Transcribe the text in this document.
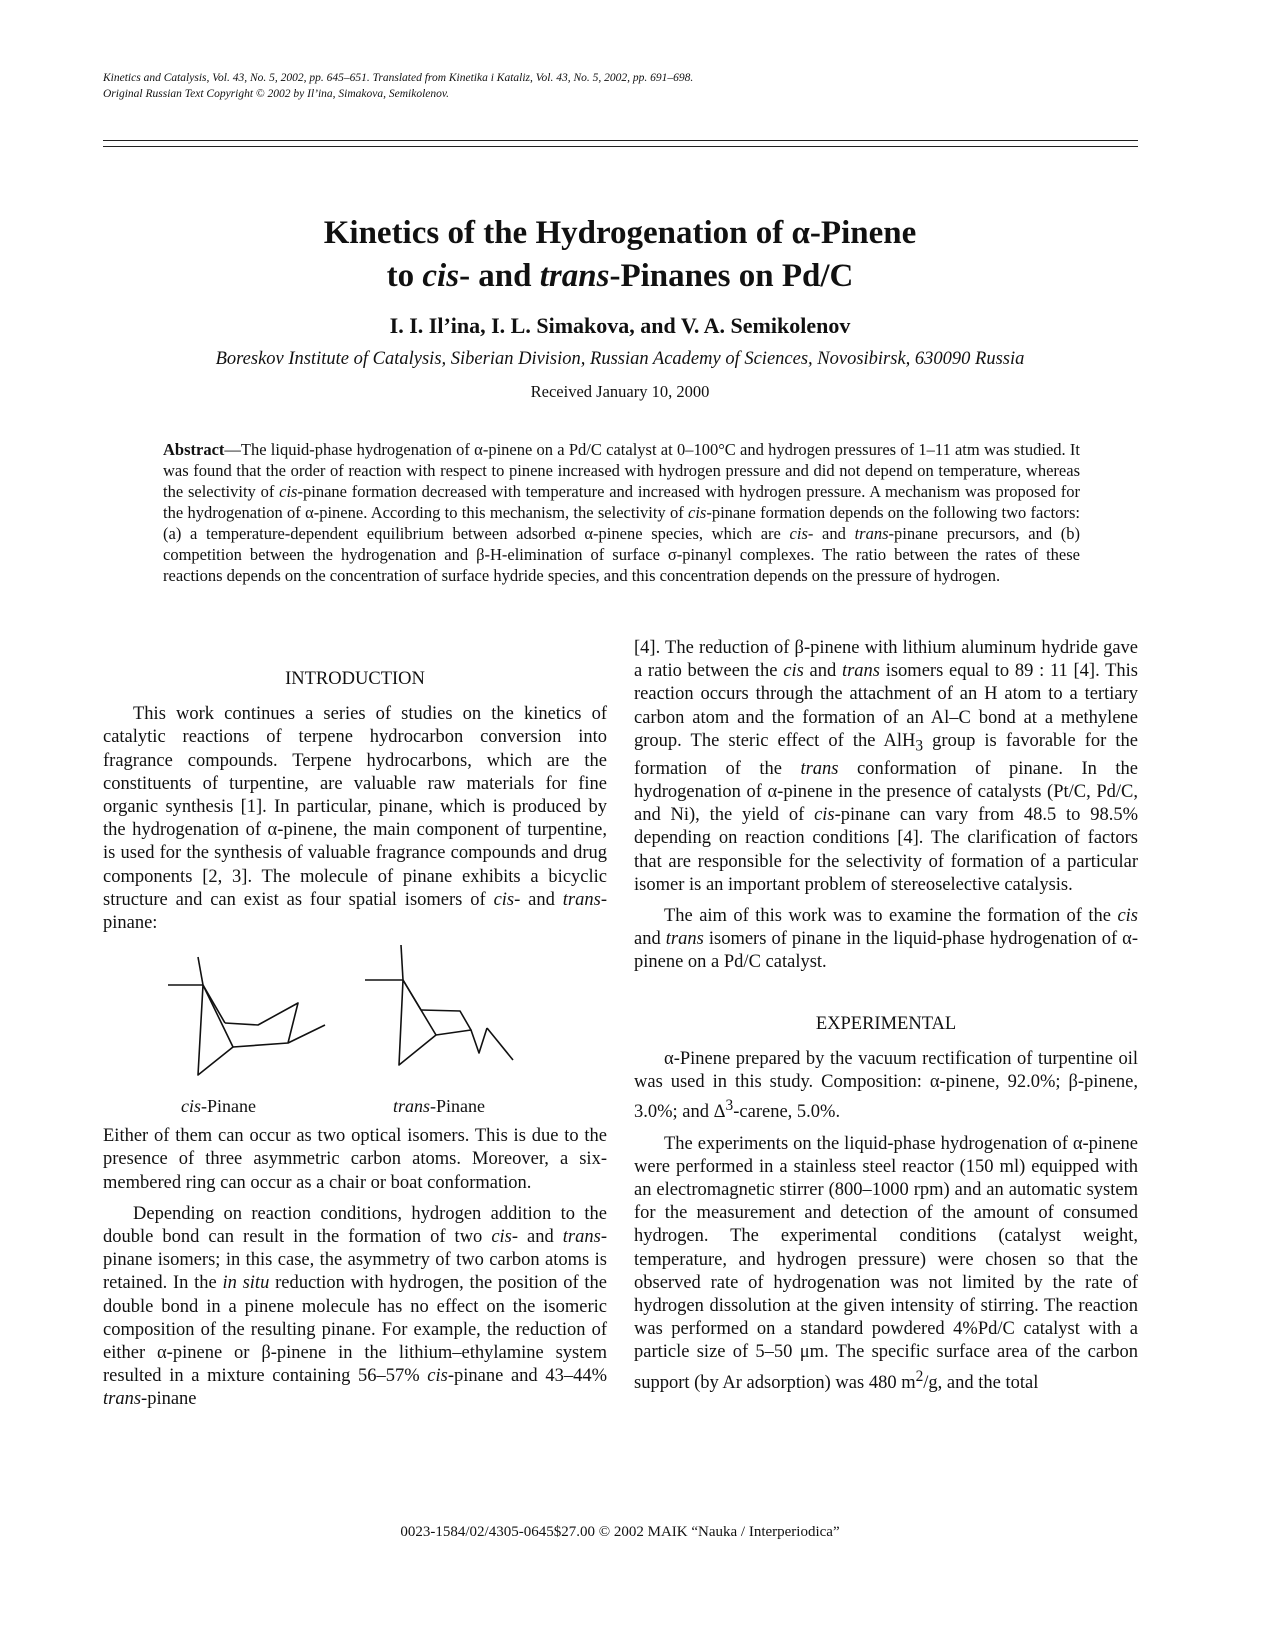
Kinetics and Catalysis, Vol. 43, No. 5, 2002, pp. 645–651. Translated from Kinetika i Kataliz, Vol. 43, No. 5, 2002, pp. 691–698.
Original Russian Text Copyright © 2002 by Il’ina, Simakova, Semikolenov.
Kinetics of the Hydrogenation of α-Pinene
to cis- and trans-Pinanes on Pd/C
I. I. Il’ina, I. L. Simakova, and V. A. Semikolenov
Boreskov Institute of Catalysis, Siberian Division, Russian Academy of Sciences, Novosibirsk, 630090 Russia
Received January 10, 2000
Abstract—The liquid-phase hydrogenation of α-pinene on a Pd/C catalyst at 0–100°C and hydrogen pressures of 1–11 atm was studied. It was found that the order of reaction with respect to pinene increased with hydrogen pressure and did not depend on temperature, whereas the selectivity of cis-pinane formation decreased with temperature and increased with hydrogen pressure. A mechanism was proposed for the hydrogenation of α-pinene. According to this mechanism, the selectivity of cis-pinane formation depends on the following two factors: (a) a temperature-dependent equilibrium between adsorbed α-pinene species, which are cis- and trans-pinane precursors, and (b) competition between the hydrogenation and β-H-elimination of surface σ-pinanyl complexes. The ratio between the rates of these reactions depends on the concentration of surface hydride species, and this concentration depends on the pressure of hydrogen.
INTRODUCTION

This work continues a series of studies on the kinetics of catalytic reactions of terpene hydrocarbon conversion into fragrance compounds. Terpene hydrocarbons, which are the constituents of turpentine, are valuable raw materials for fine organic synthesis [1]. In particular, pinane, which is produced by the hydrogenation of α-pinene, the main component of turpentine, is used for the synthesis of valuable fragrance compounds and drug components [2, 3]. The molecule of pinane exhibits a bicyclic structure and can exist as four spatial isomers of cis- and trans-pinane:

cis-Pinane	trans-Pinane

Either of them can occur as two optical isomers. This is due to the presence of three asymmetric carbon atoms. Moreover, a six-membered ring can occur as a chair or boat conformation.

Depending on reaction conditions, hydrogen addition to the double bond can result in the formation of two cis- and trans-pinane isomers; in this case, the asymmetry of two carbon atoms is retained. In the in situ reduction with hydrogen, the position of the double bond in a pinene molecule has no effect on the isomeric composition of the resulting pinane. For example, the reduction of either α-pinene or β-pinene in the lithium–ethylamine system resulted in a mixture containing 56–57% cis-pinane and 43–44% trans-pinane

[4]. The reduction of β-pinene with lithium aluminum hydride gave a ratio between the cis and trans isomers equal to 89 : 11 [4]. This reaction occurs through the attachment of an H atom to a tertiary carbon atom and the formation of an Al–C bond at a methylene group. The steric effect of the AlH$_3$ group is favorable for the formation of the trans conformation of pinane. In the hydrogenation of α-pinene in the presence of catalysts (Pt/C, Pd/C, and Ni), the yield of cis-pinane can vary from 48.5 to 98.5% depending on reaction conditions [4]. The clarification of factors that are responsible for the selectivity of formation of a particular isomer is an important problem of stereoselective catalysis.

The aim of this work was to examine the formation of the cis and trans isomers of pinane in the liquid-phase hydrogenation of α-pinene on a Pd/C catalyst.

EXPERIMENTAL

α-Pinene prepared by the vacuum rectification of turpentine oil was used in this study. Composition: α-pinene, 92.0%; β-pinene, 3.0%; and $\Delta^3$-carene, 5.0%.

The experiments on the liquid-phase hydrogenation of α-pinene were performed in a stainless steel reactor (150 ml) equipped with an electromagnetic stirrer (800–1000 rpm) and an automatic system for the measurement and detection of the amount of consumed hydrogen. The experimental conditions (catalyst weight, temperature, and hydrogen pressure) were chosen so that the observed rate of hydrogenation was not limited by the rate of hydrogen dissolution at the given intensity of stirring. The reaction was performed on a standard powdered 4%Pd/C catalyst with a particle size of 5–50 μm. The specific surface area of the carbon support (by Ar adsorption) was 480 $m^2/g$, and the total

0023-1584/02/4305-0645$27.00 © 2002 MAIK “Nauka / Interperiodica”
